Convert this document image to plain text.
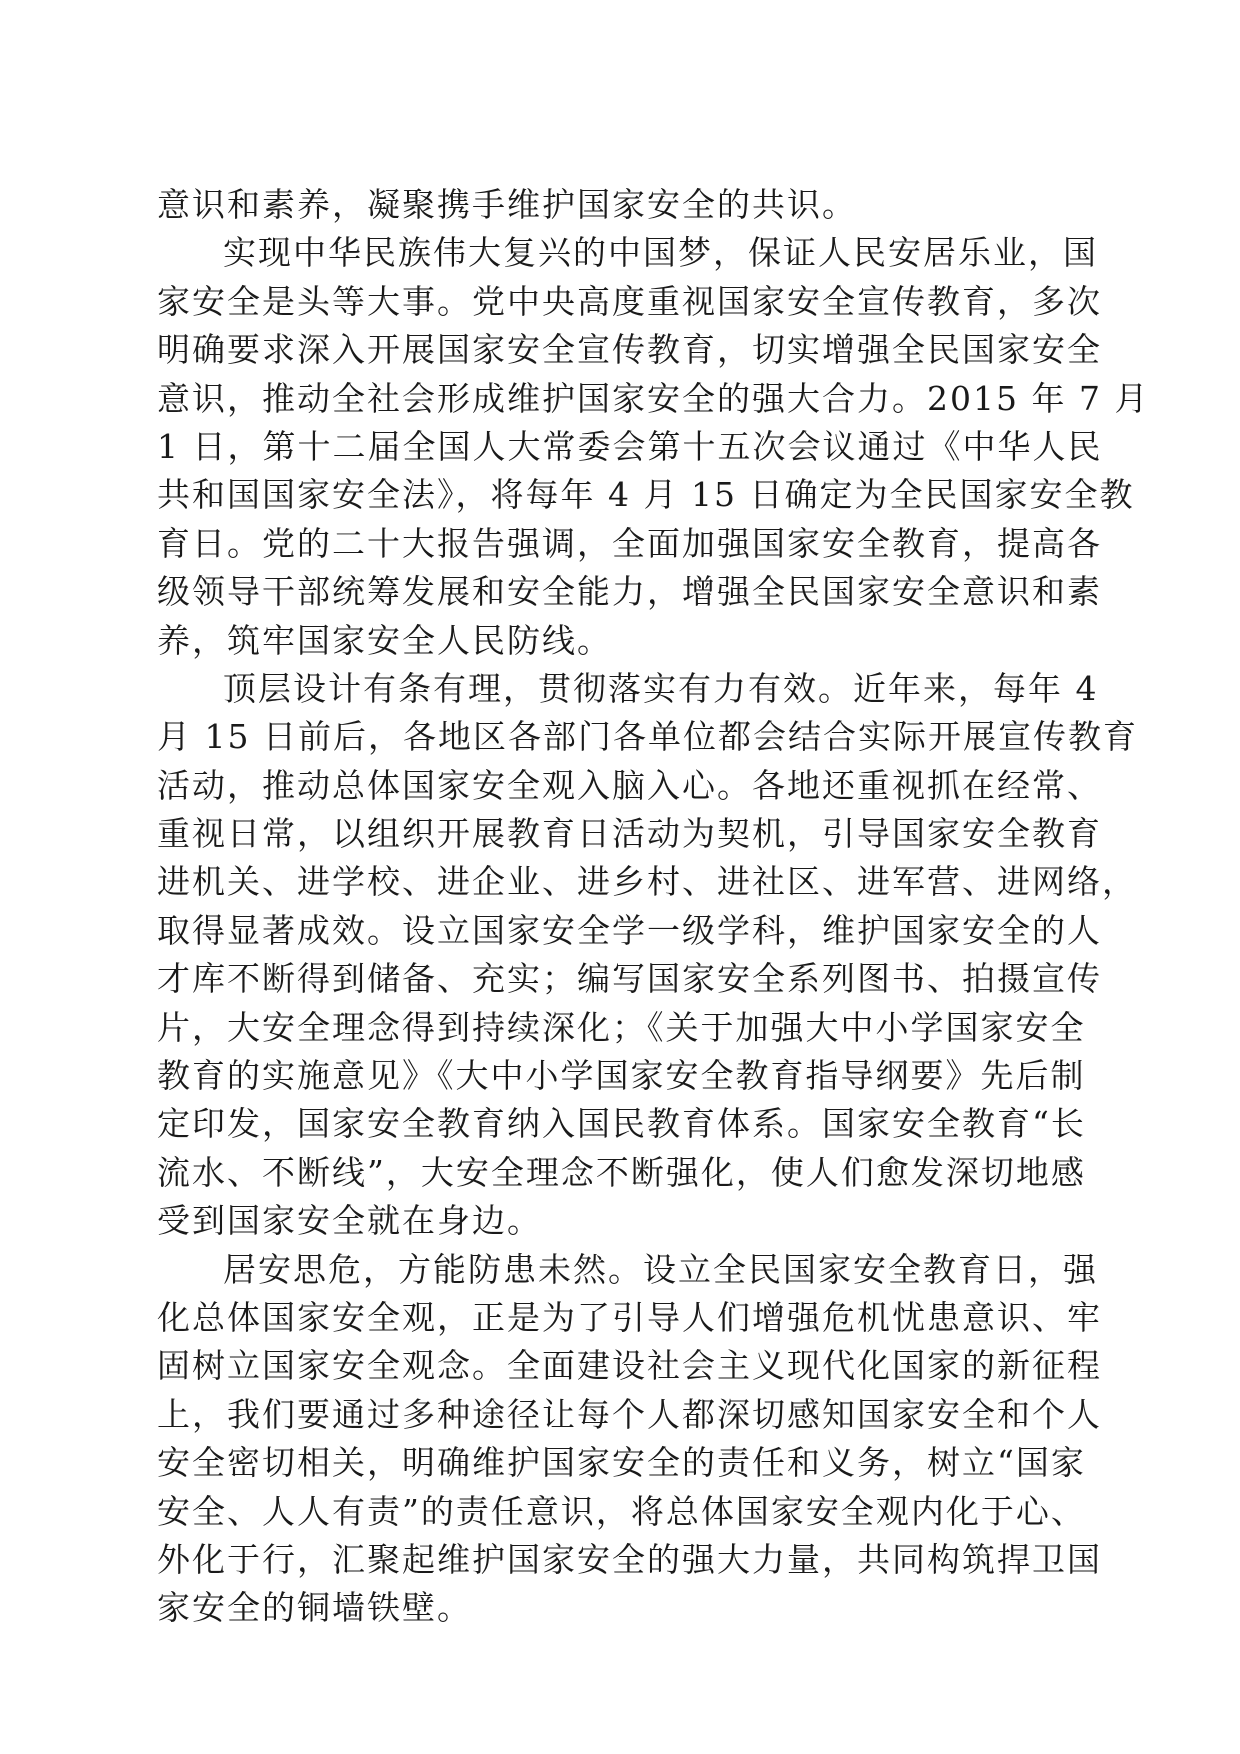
意识和素养，凝聚携手维护国家安全的共识。
实现中华民族伟大复兴的中国梦，保证人民安居乐业，国
家安全是头等大事。党中央高度重视国家安全宣传教育，多次
明确要求深入开展国家安全宣传教育，切实增强全民国家安全
意识，推动全社会形成维护国家安全的强大合力。2015 年 7 月
1 日，第十二届全国人大常委会第十五次会议通过《中华人民
共和国国家安全法》，将每年 4 月 15 日确定为全民国家安全教
育日。党的二十大报告强调，全面加强国家安全教育，提高各
级领导干部统筹发展和安全能力，增强全民国家安全意识和素
养，筑牢国家安全人民防线。
顶层设计有条有理，贯彻落实有力有效。近年来，每年 4
月 15 日前后，各地区各部门各单位都会结合实际开展宣传教育
活动，推动总体国家安全观入脑入心。各地还重视抓在经常、
重视日常，以组织开展教育日活动为契机，引导国家安全教育
进机关、进学校、进企业、进乡村、进社区、进军营、进网络，
取得显著成效。设立国家安全学一级学科，维护国家安全的人
才库不断得到储备、充实；编写国家安全系列图书、拍摄宣传
片，大安全理念得到持续深化；《关于加强大中小学国家安全
教育的实施意见》《大中小学国家安全教育指导纲要》先后制
定印发，国家安全教育纳入国民教育体系。国家安全教育“长
流水、不断线”，大安全理念不断强化，使人们愈发深切地感
受到国家安全就在身边。
居安思危，方能防患未然。设立全民国家安全教育日，强
化总体国家安全观，正是为了引导人们增强危机忧患意识、牢
固树立国家安全观念。全面建设社会主义现代化国家的新征程
上，我们要通过多种途径让每个人都深切感知国家安全和个人
安全密切相关，明确维护国家安全的责任和义务，树立“国家
安全、人人有责”的责任意识，将总体国家安全观内化于心、
外化于行，汇聚起维护国家安全的强大力量，共同构筑捍卫国
家安全的铜墙铁壁。
